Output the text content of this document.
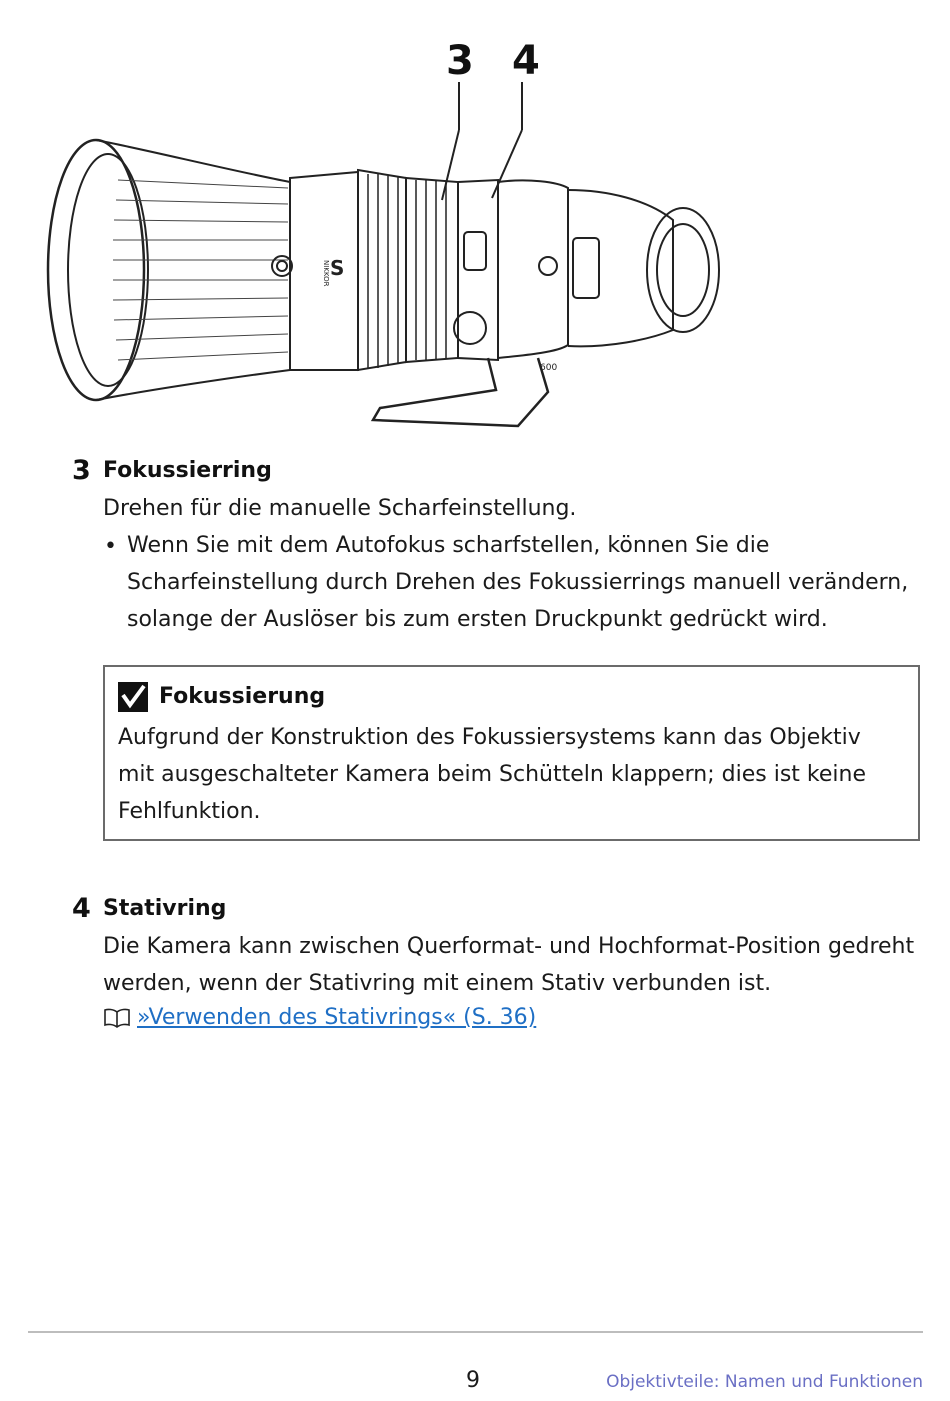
3 4
NIKKOR S
600
3 Fokussierring

Drehen für die manuelle Scharfeinstellung.

• Wenn Sie mit dem Autofokus scharfstellen, können Sie die Scharfeinstellung durch Drehen des Fokussierrings manuell verändern, solange der Auslöser bis zum ersten Druckpunkt gedrückt wird.

Fokussierung

Aufgrund der Konstruktion des Fokussiersystems kann das Objektiv mit ausgeschalteter Kamera beim Schütteln klappern; dies ist keine Fehlfunktion.

4 Stativring

Die Kamera kann zwischen Querformat- und Hochformat-Position gedreht werden, wenn der Stativring mit einem Stativ verbunden ist.

»Verwenden des Stativrings« (S. 36)
9	Objektivteile: Namen und Funktionen
